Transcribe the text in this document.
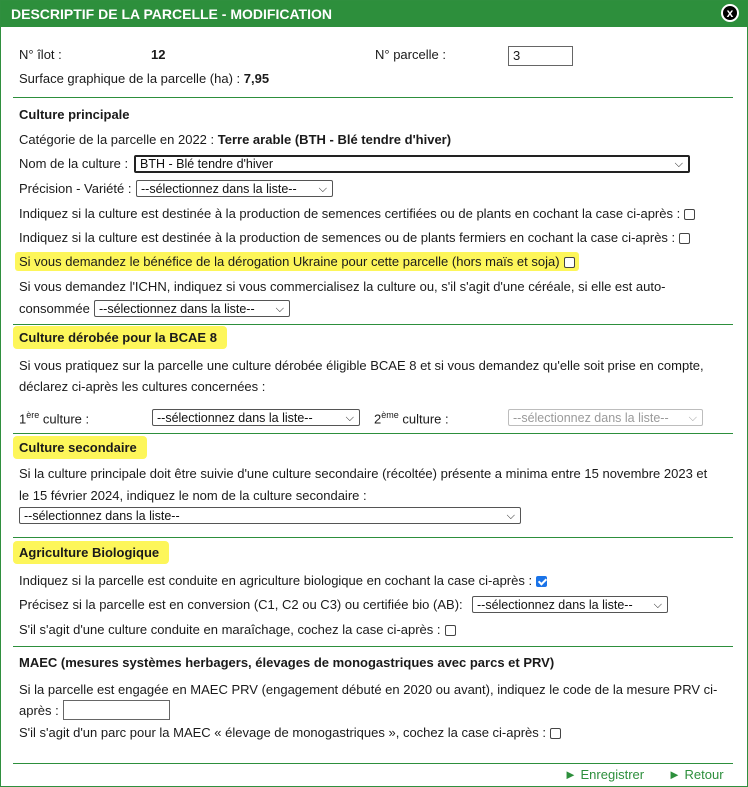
DESCRIPTIF DE LA PARCELLE - MODIFICATION	x
N° îlot :	12	N° parcelle :	3
Surface graphique de la parcelle (ha) : 7,95
Culture principale
Catégorie de la parcelle en 2022 : Terre arable (BTH - Blé tendre d'hiver)
Nom de la culture : BTH - Blé tendre d'hiver	⌵
Précision - Variété : --sélectionnez dans la liste-- ⌵
Indiquez si la culture est destinée à la production de semences certifiées ou de plants en cochant la case ci-après :
Indiquez si la culture est destinée à la production de semences ou de plants fermiers en cochant la case ci-après :
Si vous demandez le bénéfice de la dérogation Ukraine pour cette parcelle (hors maïs et soja)
Si vous demandez l'ICHN, indiquez si vous commercialisez la culture ou, s'il s'agit d'une céréale, si elle est auto-
consommée --sélectionnez dans la liste-- ⌵
Culture dérobée pour la BCAE 8
Si vous pratiquez sur la parcelle une culture dérobée éligible BCAE 8 et si vous demandez qu'elle soit prise en compte,
déclarez ci-après les cultures concernées :
1ère culture :	--sélectionnez dans la liste--	⌵ 2ème culture :	--sélectionnez dans la liste-- ⌵
Culture secondaire
Si la culture principale doit être suivie d'une culture secondaire (récoltée) présente a minima entre 15 novembre 2023 et
le 15 février 2024, indiquez le nom de la culture secondaire :
--sélectionnez dans la liste--	⌵
Agriculture Biologique
Indiquez si la parcelle est conduite en agriculture biologique en cochant la case ci-après :
Précisez si la parcelle est en conversion (C1, C2 ou C3) ou certifiée bio (AB):	--sélectionnez dans la liste-- ⌵
S'il s'agit d'une culture conduite en maraîchage, cochez la case ci-après :
MAEC (mesures systèmes herbagers, élevages de monogastriques avec parcs et PRV)
Si la parcelle est engagée en MAEC PRV (engagement débuté en 2020 ou avant), indiquez le code de la mesure PRV ci-
après :
S'il s'agit d'un parc pour la MAEC « élevage de monogastriques », cochez la case ci-après :
► Enregistrer ► Retour
